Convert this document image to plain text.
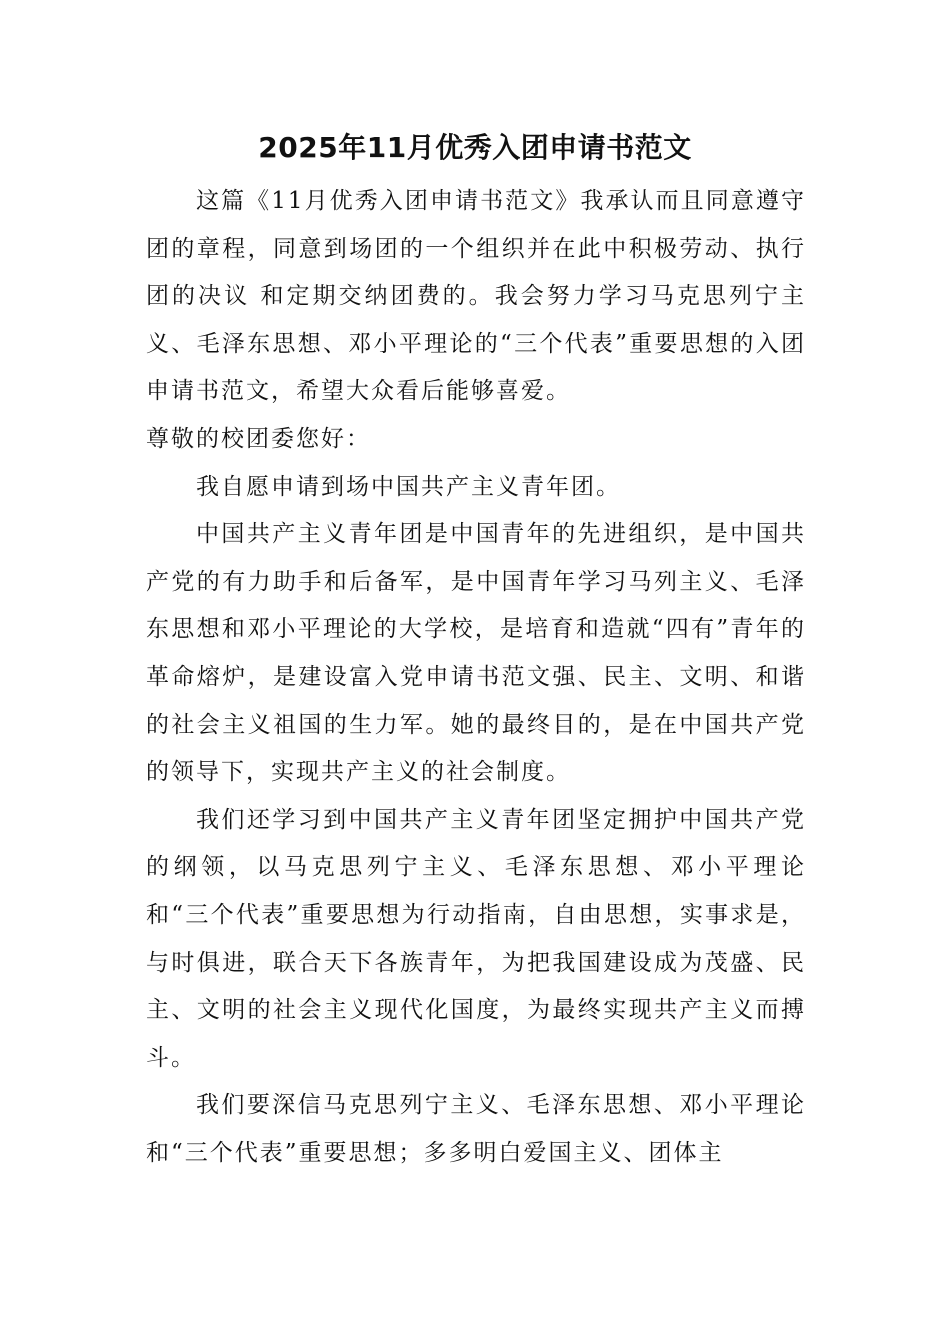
2025年11月优秀入团申请书范文

这篇《11月优秀入团申请书范文》我承认而且同意遵守团的章程，同意到场团的一个组织并在此中积极劳动、执行团的决议 和定期交纳团费的。我会努力学习马克思列宁主义、毛泽东思想、邓小平理论的“三个代表”重要思想的入团申请书范文，希望大众看后能够喜爱。

尊敬的校团委您好：

我自愿申请到场中国共产主义青年团。

中国共产主义青年团是中国青年的先进组织，是中国共产党的有力助手和后备军，是中国青年学习马列主义、毛泽东思想和邓小平理论的大学校，是培育和造就“四有”青年的革命熔炉，是建设富入党申请书范文强、民主、文明、和谐的社会主义祖国的生力军。她的最终目的，是在中国共产党的领导下，实现共产主义的社会制度。

我们还学习到中国共产主义青年团坚定拥护中国共产党的纲领，以马克思列宁主义、毛泽东思想、邓小平理论和“三个代表”重要思想为行动指南，自由思想，实事求是，与时俱进，联合天下各族青年，为把我国建设成为茂盛、民主、文明的社会主义现代化国度，为最终实现共产主义而搏斗。

我们要深信马克思列宁主义、毛泽东思想、邓小平理论和“三个代表”重要思想；多多明白爱国主义、团体主
